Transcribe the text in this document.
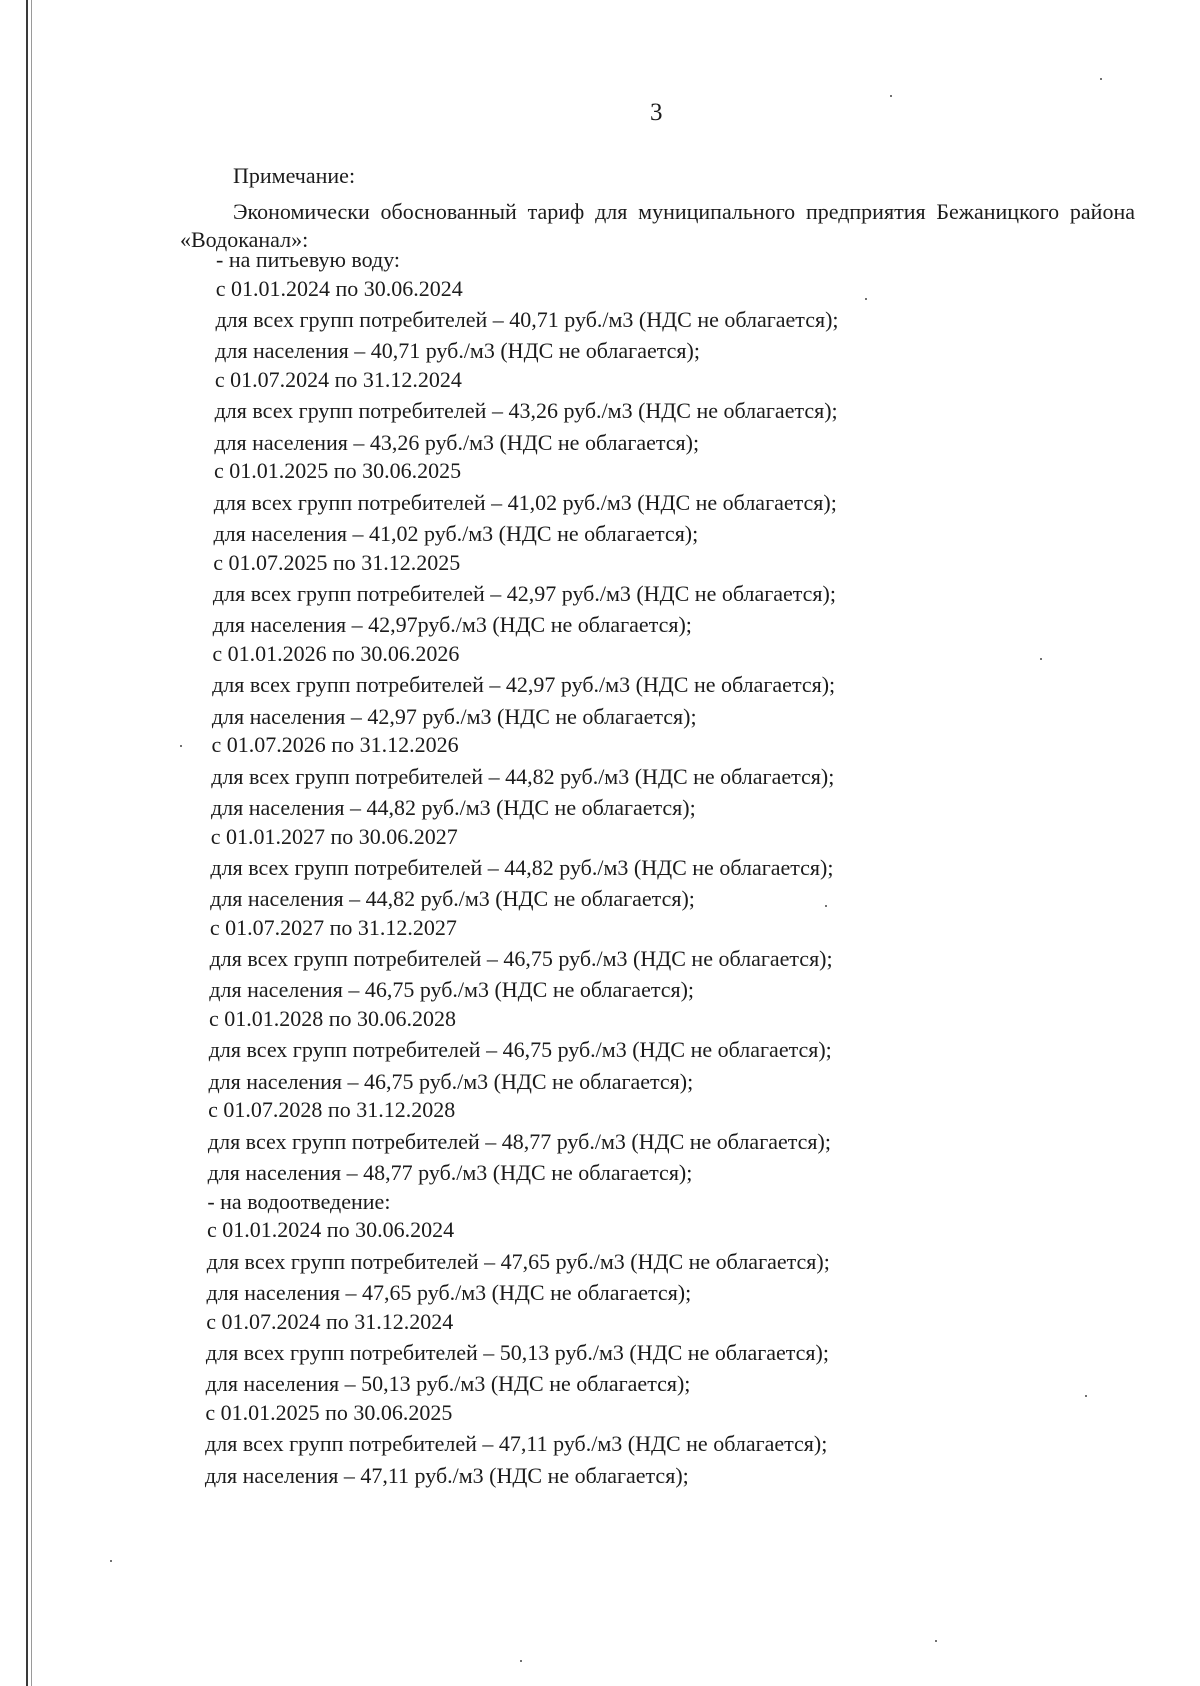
3
Примечание:
Экономически обоснованный тариф для муниципального предприятия Бежаницкого района «Водоканал»:
- на питьевую воду:
с 01.01.2024 по 30.06.2024
для всех групп потребителей – 40,71 руб./м3 (НДС не облагается);
для населения – 40,71 руб./м3 (НДС не облагается);
с 01.07.2024 по 31.12.2024
для всех групп потребителей – 43,26 руб./м3 (НДС не облагается);
для населения – 43,26 руб./м3 (НДС не облагается);
с 01.01.2025 по 30.06.2025
для всех групп потребителей – 41,02 руб./м3 (НДС не облагается);
для населения – 41,02 руб./м3 (НДС не облагается);
с 01.07.2025 по 31.12.2025
для всех групп потребителей – 42,97 руб./м3 (НДС не облагается);
для населения – 42,97руб./м3 (НДС не облагается);
с 01.01.2026 по 30.06.2026
для всех групп потребителей – 42,97 руб./м3 (НДС не облагается);
для населения – 42,97 руб./м3 (НДС не облагается);
с 01.07.2026 по 31.12.2026
для всех групп потребителей – 44,82 руб./м3 (НДС не облагается);
для населения – 44,82 руб./м3 (НДС не облагается);
с 01.01.2027 по 30.06.2027
для всех групп потребителей – 44,82 руб./м3 (НДС не облагается);
для населения – 44,82 руб./м3 (НДС не облагается);
с 01.07.2027 по 31.12.2027
для всех групп потребителей – 46,75 руб./м3 (НДС не облагается);
для населения – 46,75 руб./м3 (НДС не облагается);
с 01.01.2028 по 30.06.2028
для всех групп потребителей – 46,75 руб./м3 (НДС не облагается);
для населения – 46,75 руб./м3 (НДС не облагается);
с 01.07.2028 по 31.12.2028
для всех групп потребителей – 48,77 руб./м3 (НДС не облагается);
для населения – 48,77 руб./м3 (НДС не облагается);
- на водоотведение:
с 01.01.2024 по 30.06.2024
для всех групп потребителей – 47,65 руб./м3 (НДС не облагается);
для населения – 47,65 руб./м3 (НДС не облагается);
с 01.07.2024 по 31.12.2024
для всех групп потребителей – 50,13 руб./м3 (НДС не облагается);
для населения – 50,13 руб./м3 (НДС не облагается);
с 01.01.2025 по 30.06.2025
для всех групп потребителей – 47,11 руб./м3 (НДС не облагается);
для населения – 47,11 руб./м3 (НДС не облагается);
